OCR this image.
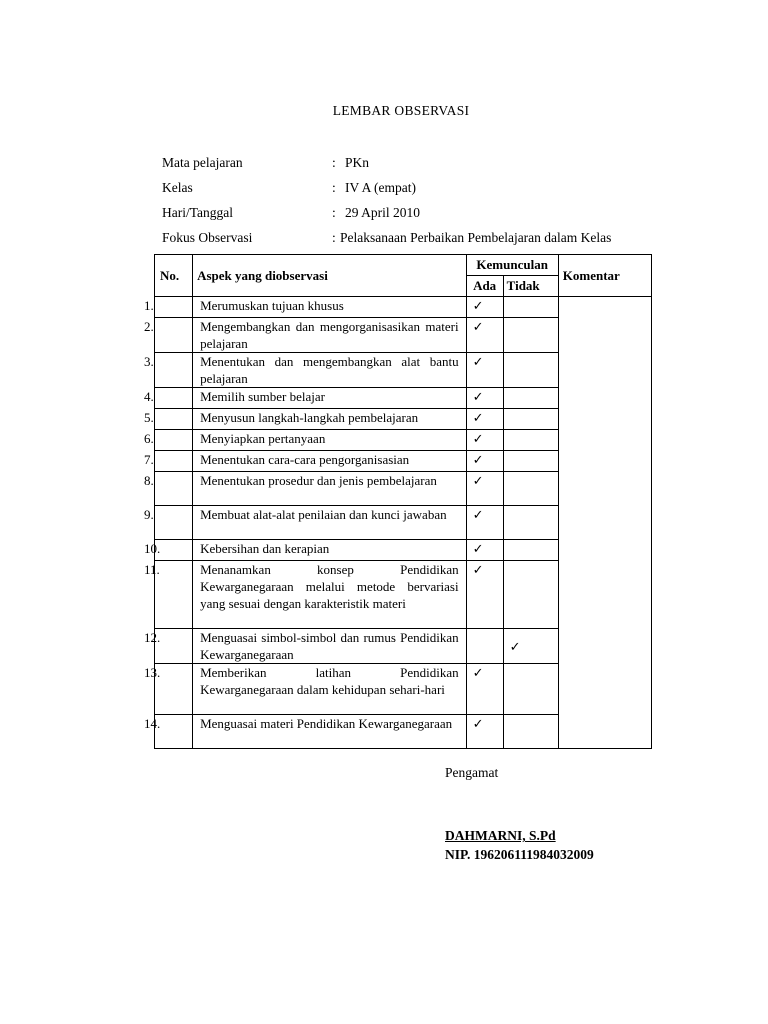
LEMBAR OBSERVASI
Mata pelajaran	: PKn
Kelas	: IV A (empat)
Hari/Tanggal	: 29 April 2010
Fokus Observasi	: Pelaksanaan Perbaikan Pembelajaran dalam Kelas
No.	Aspek yang diobservasi	Kemunculan		Komentar
		Ada	Tidak	

1.	Merumuskan tujuan khusus	✓		

2.	Mengembangkan dan mengorganisasikan materi pelajaran	✓		

3.	Menentukan dan mengembangkan alat bantu pelajaran	✓		

4.	Memilih sumber belajar	✓		

5.	Menyusun langkah-langkah pembelajaran	✓		

6.	Menyiapkan pertanyaan	✓		

7.	Menentukan cara-cara pengorganisasian	✓		

8.	Menentukan prosedur dan jenis pembelajaran	✓		

9.	Membuat alat-alat penilaian dan kunci jawaban	✓		

10.	Kebersihan dan kerapian	✓		

11.	Menanamkan konsep Pendidikan Kewarganegaraan melalui metode bervariasi yang sesuai dengan karakteristik materi	✓		

12.	Menguasai simbol-simbol dan rumus Pendidikan Kewarganegaraan		✓	

13.	Memberikan latihan Pendidikan Kewarganegaraan dalam kehidupan sehari-hari	✓		

14.	Menguasai materi Pendidikan Kewarganegaraan	✓		
Pengamat
DAHMARNI, S.Pd
NIP. 196206111984032009
